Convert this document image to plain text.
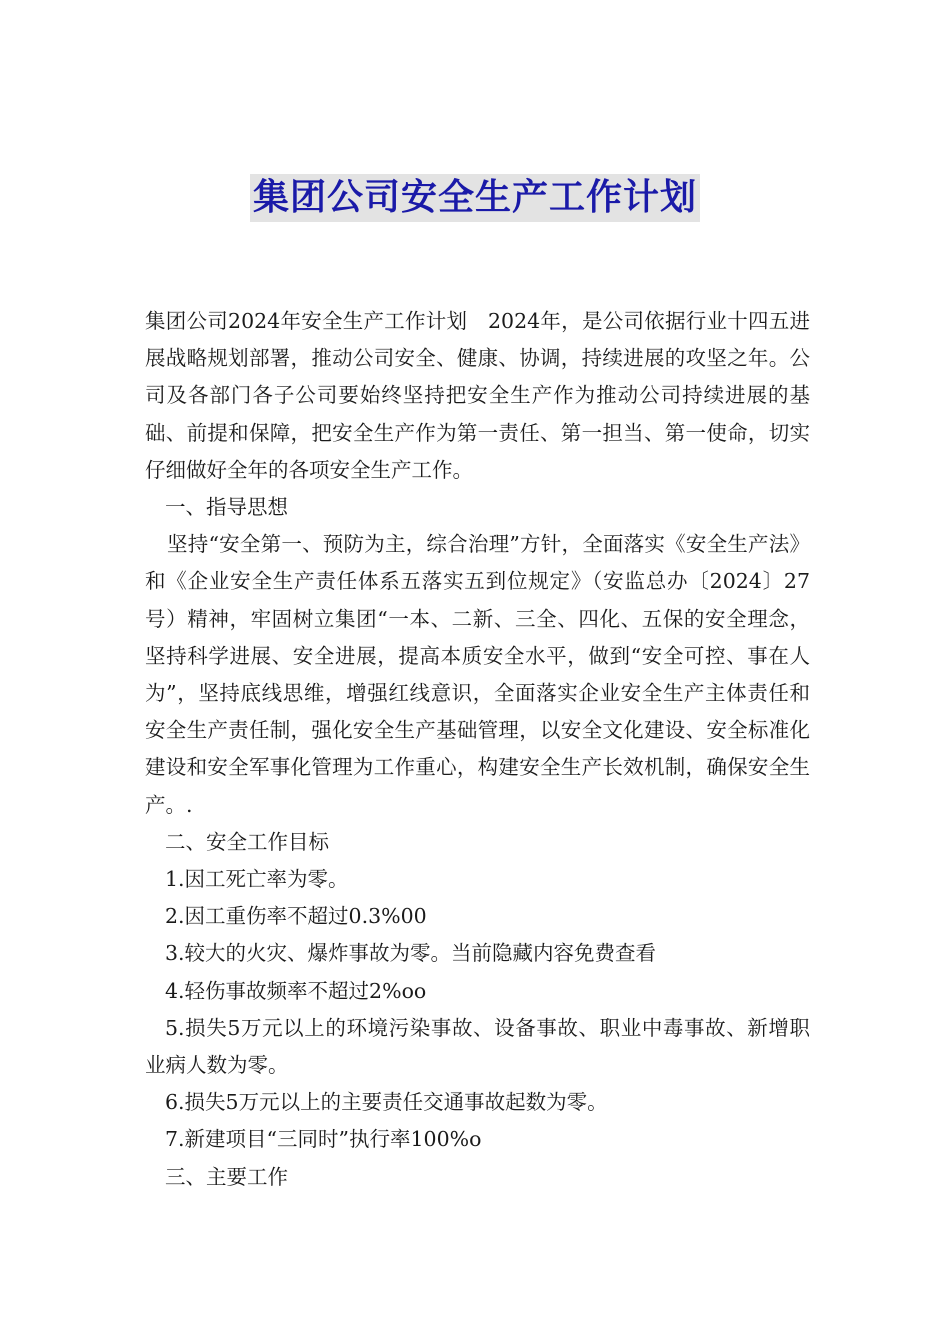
集团公司安全生产工作计划

集团公司2024年安全生产工作计划　2024年，是公司依据行业十四五进展战略规划部署，推动公司安全、健康、协调，持续进展的攻坚之年。公司及各部门各子公司要始终坚持把安全生产作为推动公司持续进展的基础、前提和保障，把安全生产作为第一责任、第一担当、第一使命，切实仔细做好全年的各项安全生产工作。

一、指导思想

坚持“安全第一、预防为主，综合治理”方针，全面落实《安全生产法》和《企业安全生产责任体系五落实五到位规定》（安监总办〔2024〕27号）精神，牢固树立集团“一本、二新、三全、四化、五保的安全理念，坚持科学进展、安全进展，提高本质安全水平，做到“安全可控、事在人为”，坚持底线思维，增强红线意识，全面落实企业安全生产主体责任和安全生产责任制，强化安全生产基础管理，以安全文化建设、安全标准化建设和安全军事化管理为工作重心，构建安全生产长效机制，确保安全生产。.

二、安全工作目标

1.因工死亡率为零。

2.因工重伤率不超过0.3%00

3.较大的火灾、爆炸事故为零。当前隐藏内容免费查看

4.轻伤事故频率不超过2%oo

5.损失5万元以上的环境污染事故、设备事故、职业中毒事故、新增职业病人数为零。

6.损失5万元以上的主要责任交通事故起数为零。

7.新建项目“三同时”执行率100%o

三、主要工作
